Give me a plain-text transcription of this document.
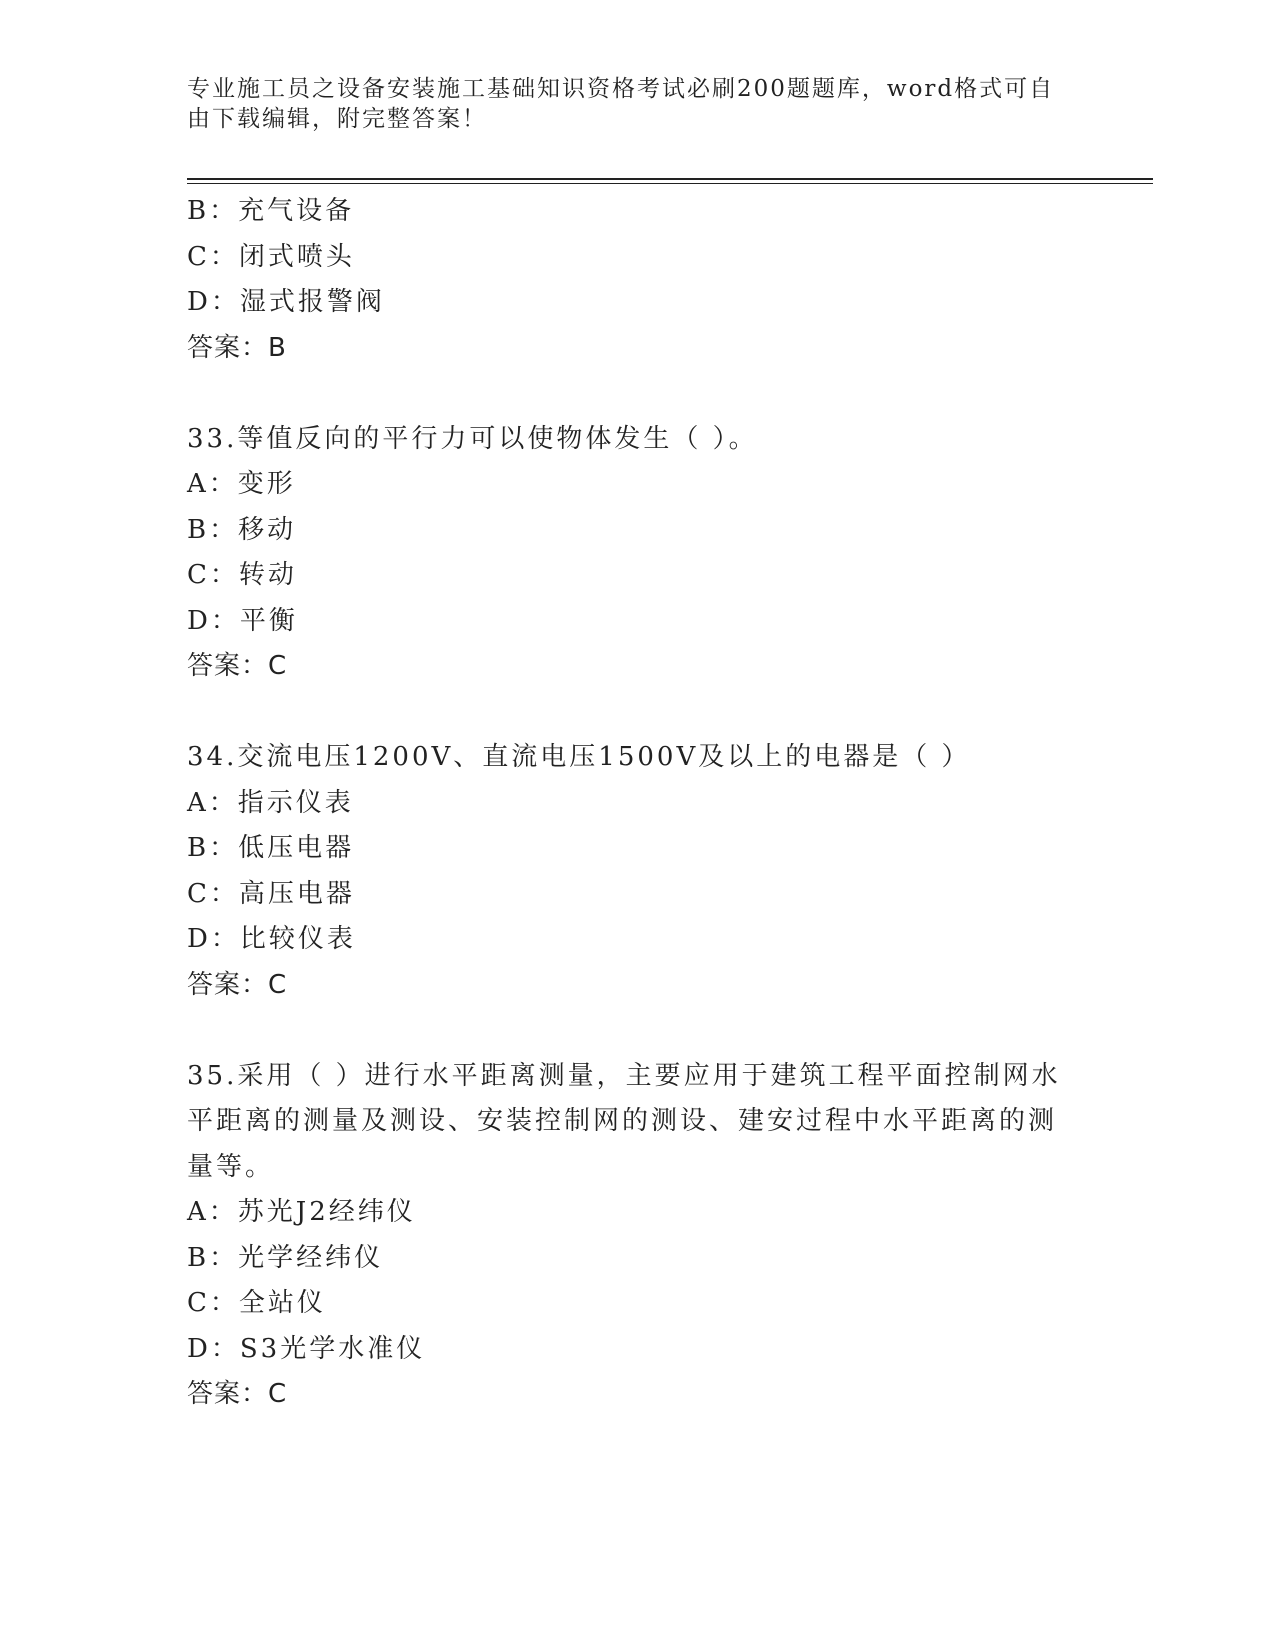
专业施工员之设备安装施工基础知识资格考试必刷200题题库，word格式可自由下载编辑，附完整答案！
B：充气设备
C：闭式喷头
D：湿式报警阀
答案：B
33.等值反向的平行力可以使物体发生（ ）。
A：变形
B：移动
C：转动
D：平衡
答案：C
34.交流电压1200V、直流电压1500V及以上的电器是（ ）
A：指示仪表
B：低压电器
C：高压电器
D：比较仪表
答案：C
35.采用（ ）进行水平距离测量，主要应用于建筑工程平面控制网水平距离的测量及测设、安装控制网的测设、建安过程中水平距离的测量等。
A：苏光J2经纬仪
B：光学经纬仪
C：全站仪
D：S3光学水准仪
答案：C
